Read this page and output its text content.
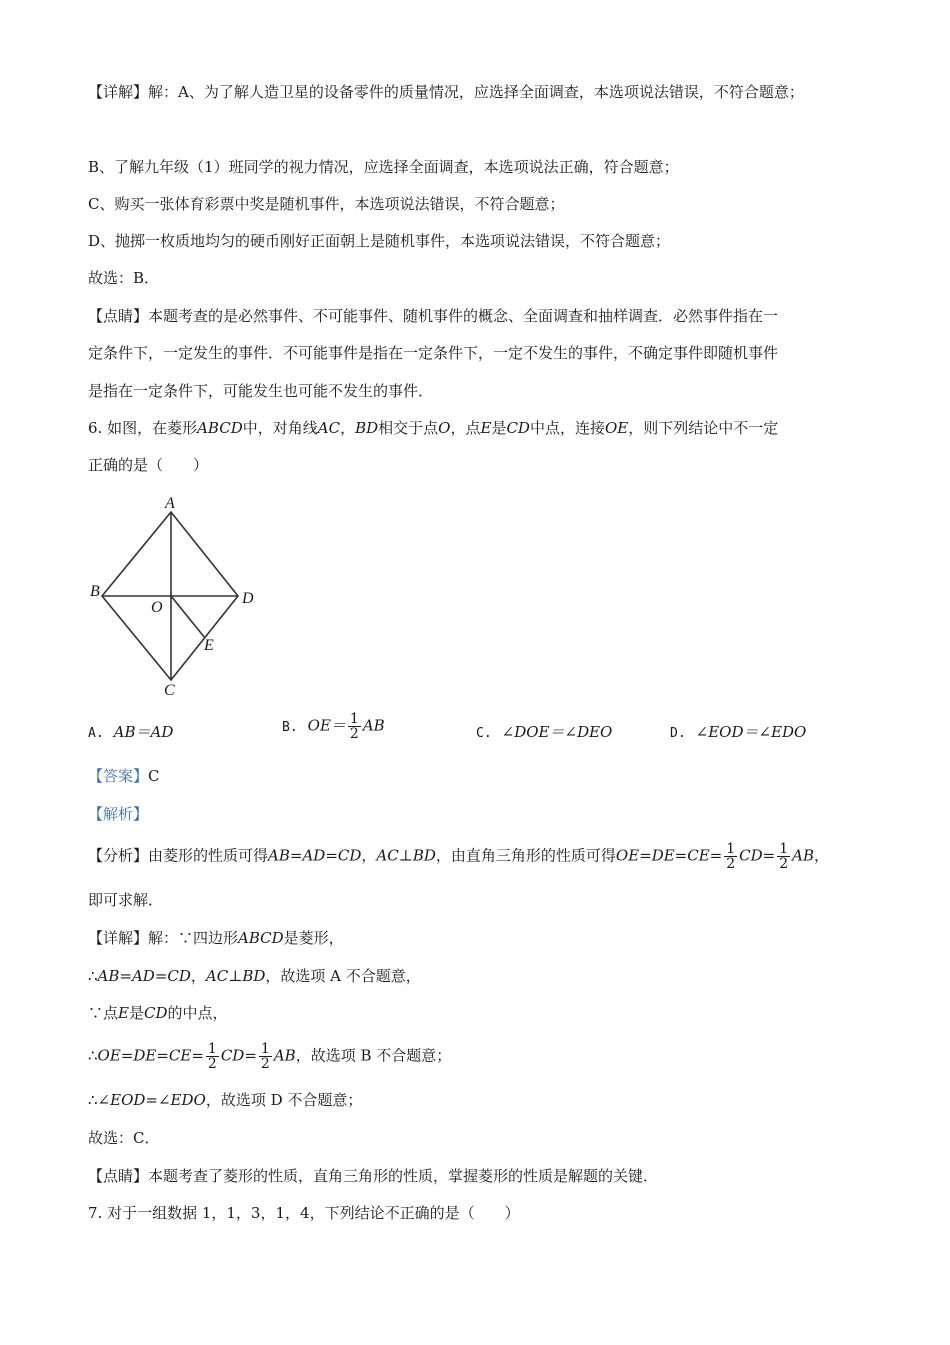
【详解】解：A、为了解人造卫星的设备零件的质量情况，应选择全面调查，本选项说法错误，不符合题意；
B、了解九年级（1）班同学的视力情况，应选择全面调查，本选项说法正确，符合题意；
C、购买一张体育彩票中奖是随机事件，本选项说法错误，不符合题意；
D、抛掷一枚质地均匀的硬币刚好正面朝上是随机事件，本选项说法错误，不符合题意；
故选：B．
【点睛】本题考查的是必然事件、不可能事件、随机事件的概念、全面调查和抽样调查．必然事件指在一
定条件下，一定发生的事件．不可能事件是指在一定条件下，一定不发生的事件，不确定事件即随机事件
是指在一定条件下，可能发生也可能不发生的事件．
6. 如图，在菱形ABCD中，对角线AC，BD相交于点O，点E是CD中点，连接OE，则下列结论中不一定
正确的是（　　）
A
B
C
D
O
E
A. AB＝AD	B. $OE= \frac{1}{2}$ AB	C. ∠DOE＝∠DEO	D. ∠EOD＝∠EDO
【答案】C
【解析】
【分析】由菱形的性质可得AB=AD=CD，AC⊥BD，由直角三角形的性质可得$OE=DE=CE= \frac{1}{2} CD= \frac{1}{2}$ AB，
即可求解．
【详解】解：∵四边形ABCD是菱形，
∴AB=AD=CD，AC⊥BD，故选项 A 不合题意，
∵点E是CD的中点，
∴OE=DE=CE= $\frac{1}{2} CD= \frac{1}{2}$ AB，故选项 B 不合题意；
∴∠EOD=∠EDO，故选项 D 不合题意；
故选：C．
【点睛】本题考查了菱形的性质，直角三角形的性质，掌握菱形的性质是解题的关键．
7. 对于一组数据 1，1，3，1，4，下列结论不正确的是（　　）
